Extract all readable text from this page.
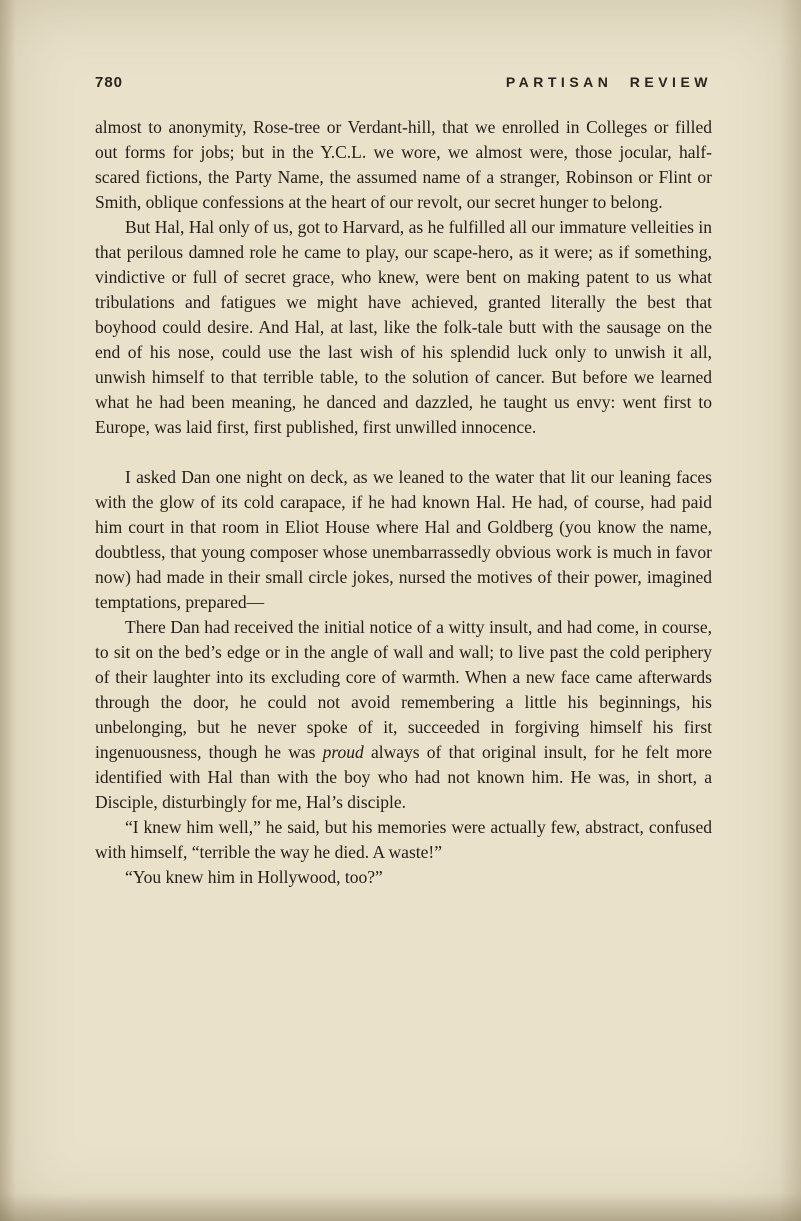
780	PARTISAN REVIEW

almost to anonymity, Rose-tree or Verdant-hill, that we enrolled in Colleges or filled out forms for jobs; but in the Y.C.L. we wore, we almost were, those jocular, half-scared fictions, the Party Name, the assumed name of a stranger, Robinson or Flint or Smith, oblique confessions at the heart of our revolt, our secret hunger to belong.

But Hal, Hal only of us, got to Harvard, as he fulfilled all our immature velleities in that perilous damned role he came to play, our scape-hero, as it were; as if something, vindictive or full of secret grace, who knew, were bent on making patent to us what tribulations and fatigues we might have achieved, granted literally the best that boyhood could desire. And Hal, at last, like the folk-tale butt with the sausage on the end of his nose, could use the last wish of his splendid luck only to unwish it all, unwish himself to that terrible table, to the solution of cancer. But before we learned what he had been meaning, he danced and dazzled, he taught us envy: went first to Europe, was laid first, first published, first unwilled innocence.

I asked Dan one night on deck, as we leaned to the water that lit our leaning faces with the glow of its cold carapace, if he had known Hal. He had, of course, had paid him court in that room in Eliot House where Hal and Goldberg (you know the name, doubtless, that young composer whose unembarrassedly obvious work is much in favor now) had made in their small circle jokes, nursed the motives of their power, imagined temptations, prepared—

There Dan had received the initial notice of a witty insult, and had come, in course, to sit on the bed’s edge or in the angle of wall and wall; to live past the cold periphery of their laughter into its excluding core of warmth. When a new face came afterwards through the door, he could not avoid remembering a little his beginnings, his unbelonging, but he never spoke of it, succeeded in forgiving himself his first ingenuousness, though he was proud always of that original insult, for he felt more identified with Hal than with the boy who had not known him. He was, in short, a Disciple, disturbingly for me, Hal’s disciple.

“I knew him well,” he said, but his memories were actually few, abstract, confused with himself, “terrible the way he died. A waste!”

“You knew him in Hollywood, too?”
